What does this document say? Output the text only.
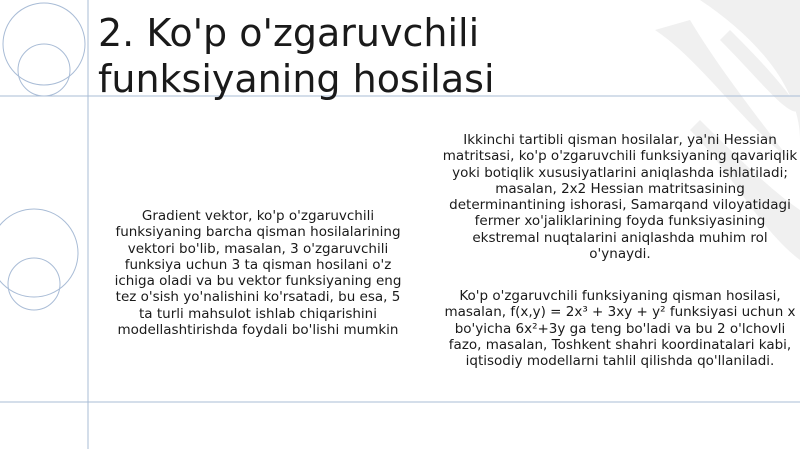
2. Ko'p o'zgaruvchili
funksiyaning hosilasi
Gradient vektor, ko'p o'zgaruvchili funksiyaning barcha qisman hosilalarining vektori bo'lib, masalan, 3 o'zgaruvchili funksiya uchun 3 ta qisman hosilani o'z ichiga oladi va bu vektor funksiyaning eng tez o'sish yo'nalishini ko'rsatadi, bu esa, 5 ta turli mahsulot ishlab chiqarishini modellashtirishda foydali bo'lishi mumkin
Ikkinchi tartibli qisman hosilalar, ya'ni Hessian matritsasi, ko'p o'zgaruvchili funksiyaning qavariqlik yoki botiqlik xususiyatlarini aniqlashda ishlatiladi; masalan, 2x2 Hessian matritsasining determinantining ishorasi, Samarqand viloyatidagi fermer xo'jaliklarining foyda funksiyasining ekstremal nuqtalarini aniqlashda muhim rol o'ynaydi.
Ko'p o'zgaruvchili funksiyaning qisman hosilasi, masalan, f(x,y) = 2x³ + 3xy + y² funksiyasi uchun x bo'yicha 6x²+3y ga teng bo'ladi va bu 2 o'lchovli fazo, masalan, Toshkent shahri koordinatalari kabi, iqtisodiy modellarni tahlil qilishda qo'llaniladi.
